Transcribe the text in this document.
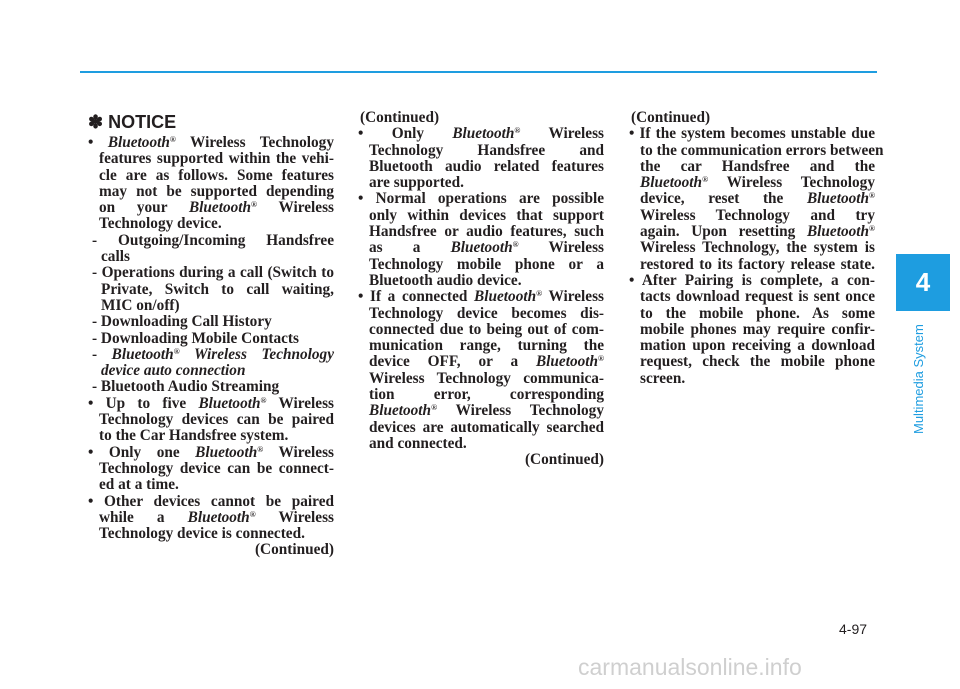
✽ NOTICE
• Bluetooth® Wireless Technology
features supported within the vehi-
cle are as follows. Some features
may not be supported depending
on your Bluetooth® Wireless
Technology device.
- Outgoing/Incoming Handsfree
calls
- Operations during a call (Switch to
Private, Switch to call waiting,
MIC on/off)
- Downloading Call History
- Downloading Mobile Contacts
- Bluetooth® Wireless Technology
device auto connection
- Bluetooth Audio Streaming
• Up to five Bluetooth® Wireless
Technology devices can be paired
to the Car Handsfree system.
• Only one Bluetooth® Wireless
Technology device can be connect-
ed at a time.
• Other devices cannot be paired
while a Bluetooth® Wireless
Technology device is connected.
(Continued)
(Continued)
• Only Bluetooth® Wireless
Technology Handsfree and
Bluetooth audio related features
are supported.
• Normal operations are possible
only within devices that support
Handsfree or audio features, such
as a Bluetooth® Wireless
Technology mobile phone or a
Bluetooth audio device.
• If a connected Bluetooth® Wireless
Technology device becomes dis-
connected due to being out of com-
munication range, turning the
device OFF, or a Bluetooth®
Wireless Technology communica-
tion error, corresponding
Bluetooth® Wireless Technology
devices are automatically searched
and connected.
(Continued)
(Continued)
• If the system becomes unstable due
to the communication errors between
the car Handsfree and the
Bluetooth® Wireless Technology
device, reset the Bluetooth®
Wireless Technology and try
again. Upon resetting Bluetooth®
Wireless Technology, the system is
restored to its factory release state.
• After Pairing is complete, a con-
tacts download request is sent once
to the mobile phone. As some
mobile phones may require confir-
mation upon receiving a download
request, check the mobile phone
screen.
4
Multimedia System
4-97
carmanualsonline.info
